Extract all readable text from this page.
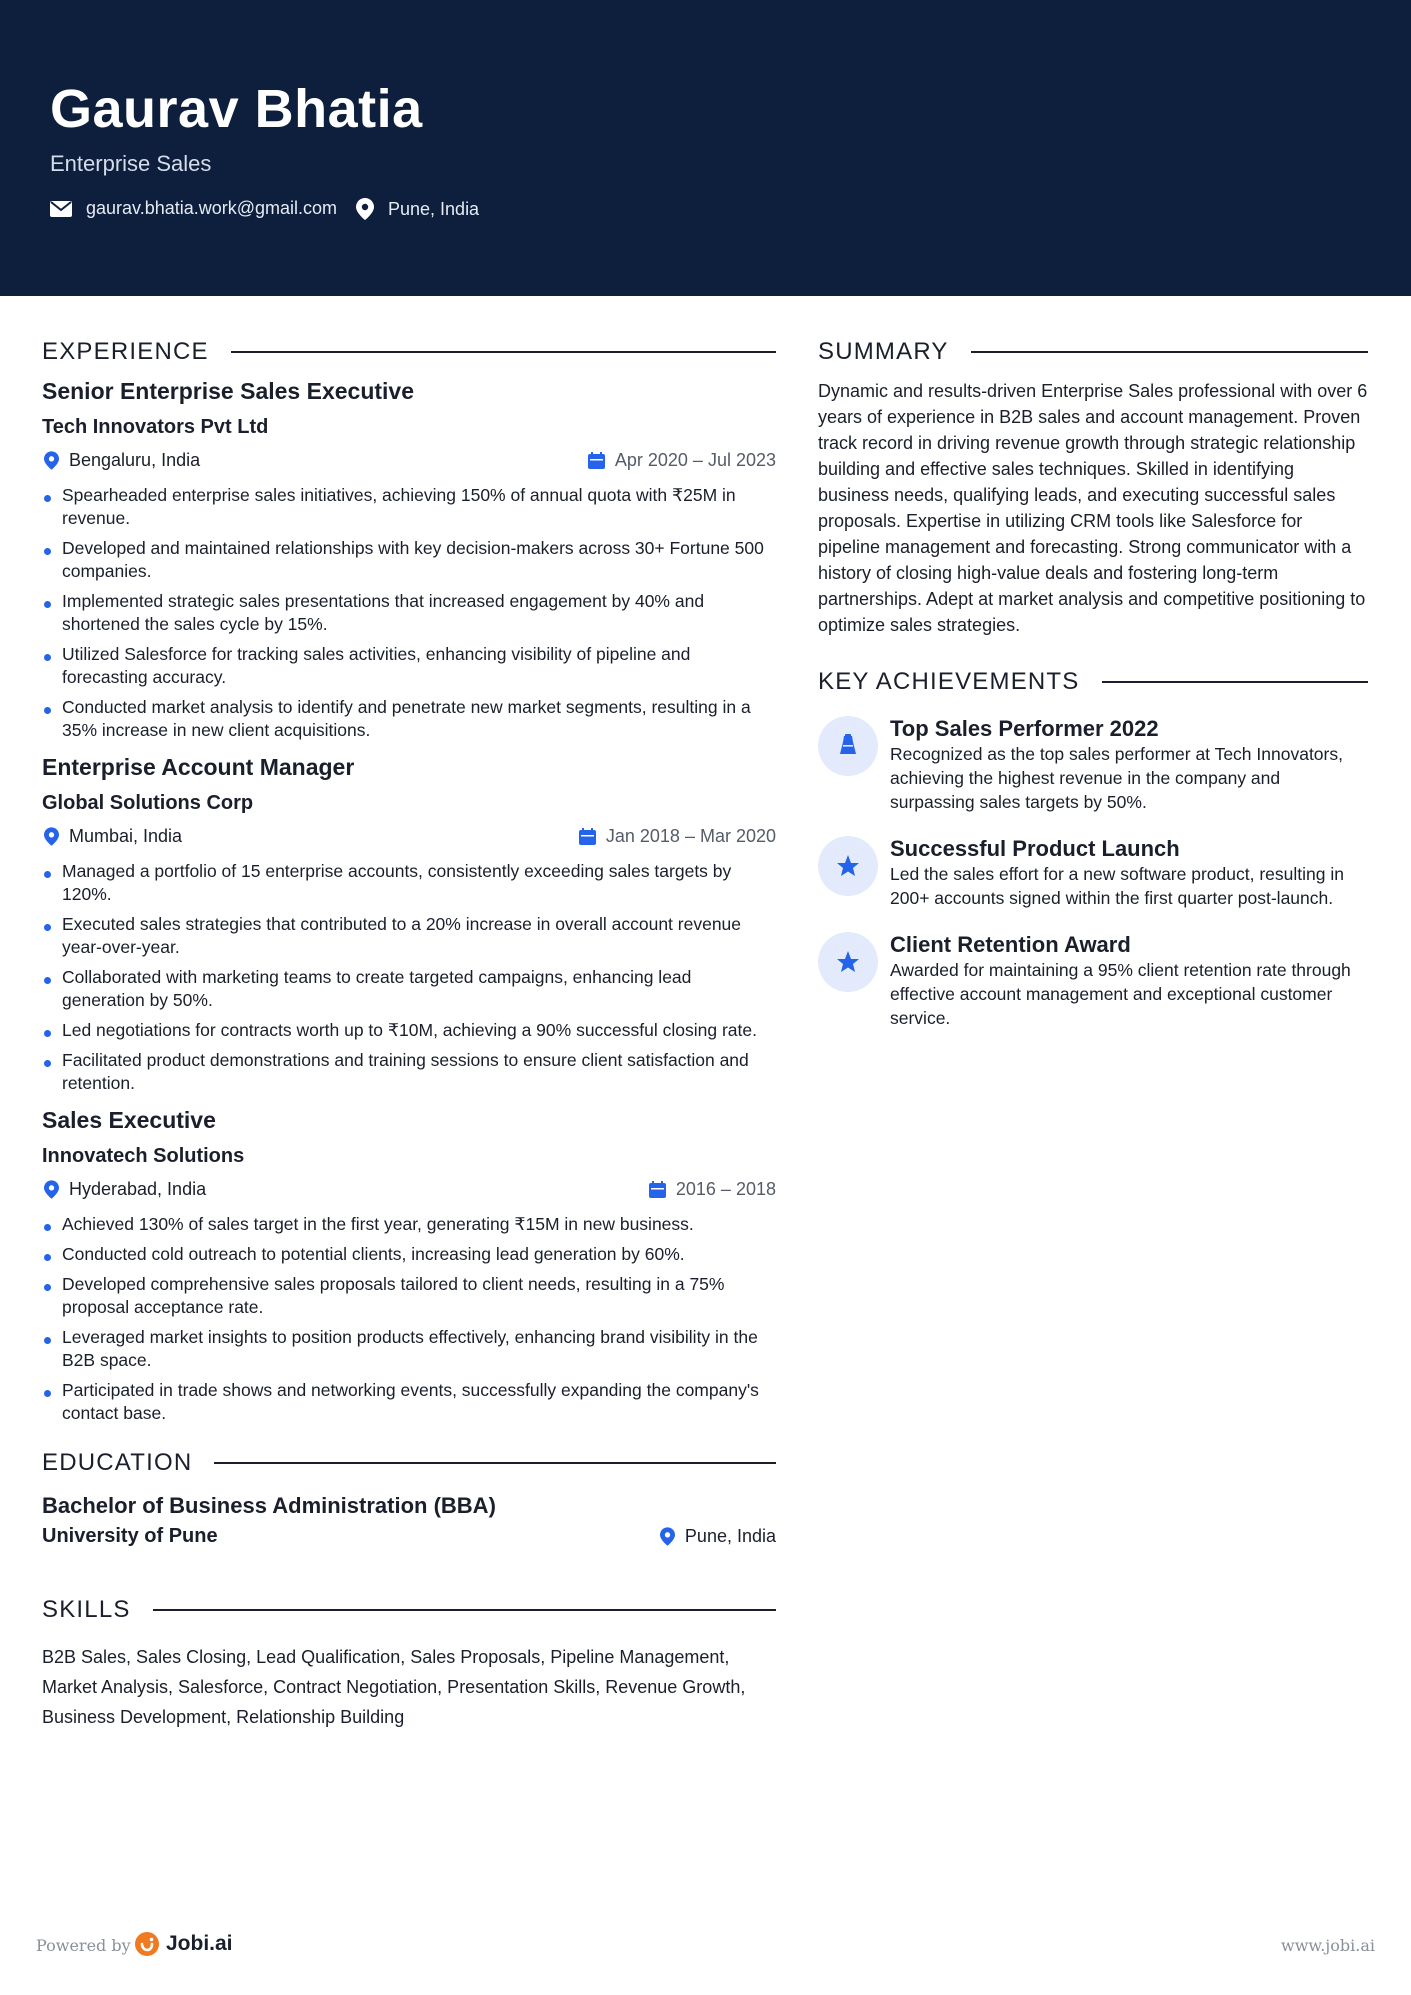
Gaurav Bhatia
Enterprise Sales
gaurav.bhatia.work@gmail.com	Pune, India
EXPERIENCE
Senior Enterprise Sales Executive
Tech Innovators Pvt Ltd
Bengaluru, India	Apr 2020 – Jul 2023
Spearheaded enterprise sales initiatives, achieving 150% of annual quota with ₹25M in revenue.
Developed and maintained relationships with key decision-makers across 30+ Fortune 500 companies.
Implemented strategic sales presentations that increased engagement by 40% and shortened the sales cycle by 15%.
Utilized Salesforce for tracking sales activities, enhancing visibility of pipeline and forecasting accuracy.
Conducted market analysis to identify and penetrate new market segments, resulting in a 35% increase in new client acquisitions.
Enterprise Account Manager
Global Solutions Corp
Mumbai, India	Jan 2018 – Mar 2020
Managed a portfolio of 15 enterprise accounts, consistently exceeding sales targets by 120%.
Executed sales strategies that contributed to a 20% increase in overall account revenue year-over-year.
Collaborated with marketing teams to create targeted campaigns, enhancing lead generation by 50%.
Led negotiations for contracts worth up to ₹10M, achieving a 90% successful closing rate.
Facilitated product demonstrations and training sessions to ensure client satisfaction and retention.
Sales Executive
Innovatech Solutions
Hyderabad, India	2016 – 2018
Achieved 130% of sales target in the first year, generating ₹15M in new business.
Conducted cold outreach to potential clients, increasing lead generation by 60%.
Developed comprehensive sales proposals tailored to client needs, resulting in a 75% proposal acceptance rate.
Leveraged market insights to position products effectively, enhancing brand visibility in the B2B space.
Participated in trade shows and networking events, successfully expanding the company's contact base.
EDUCATION
Bachelor of Business Administration (BBA)
University of Pune	Pune, India
SKILLS
B2B Sales, Sales Closing, Lead Qualification, Sales Proposals, Pipeline Management, Market Analysis, Salesforce, Contract Negotiation, Presentation Skills, Revenue Growth, Business Development, Relationship Building
SUMMARY
Dynamic and results-driven Enterprise Sales professional with over 6 years of experience in B2B sales and account management. Proven track record in driving revenue growth through strategic relationship building and effective sales techniques. Skilled in identifying business needs, qualifying leads, and executing successful sales proposals. Expertise in utilizing CRM tools like Salesforce for pipeline management and forecasting. Strong communicator with a history of closing high-value deals and fostering long-term partnerships. Adept at market analysis and competitive positioning to optimize sales strategies.
KEY ACHIEVEMENTS
Top Sales Performer 2022
Recognized as the top sales performer at Tech Innovators, achieving the highest revenue in the company and surpassing sales targets by 50%.
Successful Product Launch
Led the sales effort for a new software product, resulting in 200+ accounts signed within the first quarter post-launch.
Client Retention Award
Awarded for maintaining a 95% client retention rate through effective account management and exceptional customer service.
Powered by Jobi.ai	www.jobi.ai
